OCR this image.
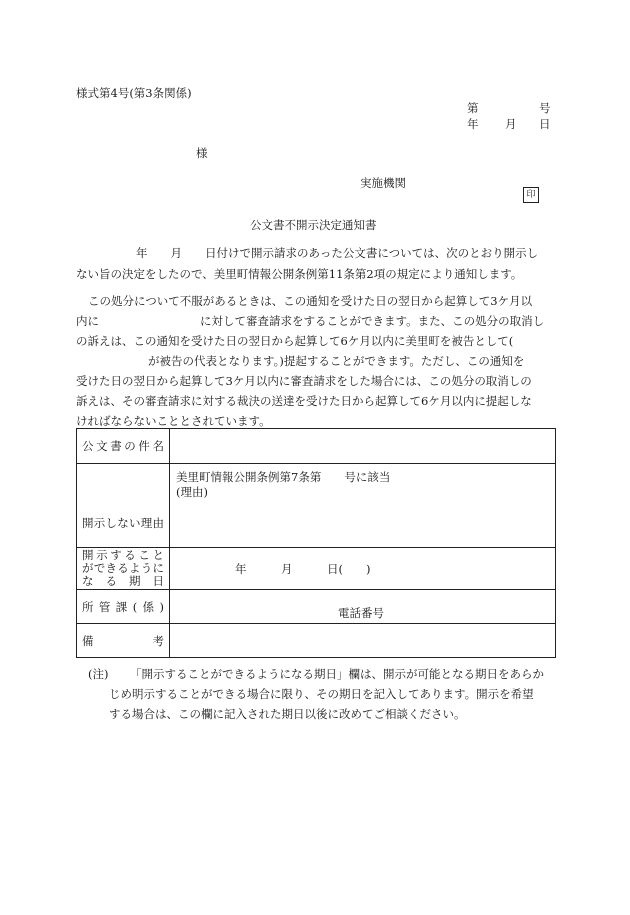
様式第4号(第3条関係)
第	号
年 月 日
様
実施機関
印
公文書不開示決定通知書
年　　月　　日付けで開示請求のあった公文書については、次のとおり開示し
ない旨の決定をしたので、美里町情報公開条例第11条第2項の規定により通知します。
この処分について不服があるときは、この通知を受けた日の翌日から起算して3ケ月以
内に	に対して審査請求をすることができます。また、この処分の取消し
の訴えは、この通知を受けた日の翌日から起算して6ケ月以内に美里町を被告として(
が被告の代表となります。)提起することができます。ただし、この通知を
受けた日の翌日から起算して3ケ月以内に審査請求をした場合には、この処分の取消しの
訴えは、その審査請求に対する裁決の送達を受けた日から起算して6ケ月以内に提起しな
ければならないこととされています。
公文書の件名	

開示しない理由	美里町情報公開条例第7条第　　号に該当
(理由)

開示すること
ができるように
なる期日	年　　　月　　　日(　　)

所管課(係)	電話番号

備考	

(注) 「開示することができるようになる期日」欄は、開示が可能となる期日をあらか
じめ明示することができる場合に限り、その期日を記入してあります。開示を希望
する場合は、この欄に記入された期日以後に改めてご相談ください。
